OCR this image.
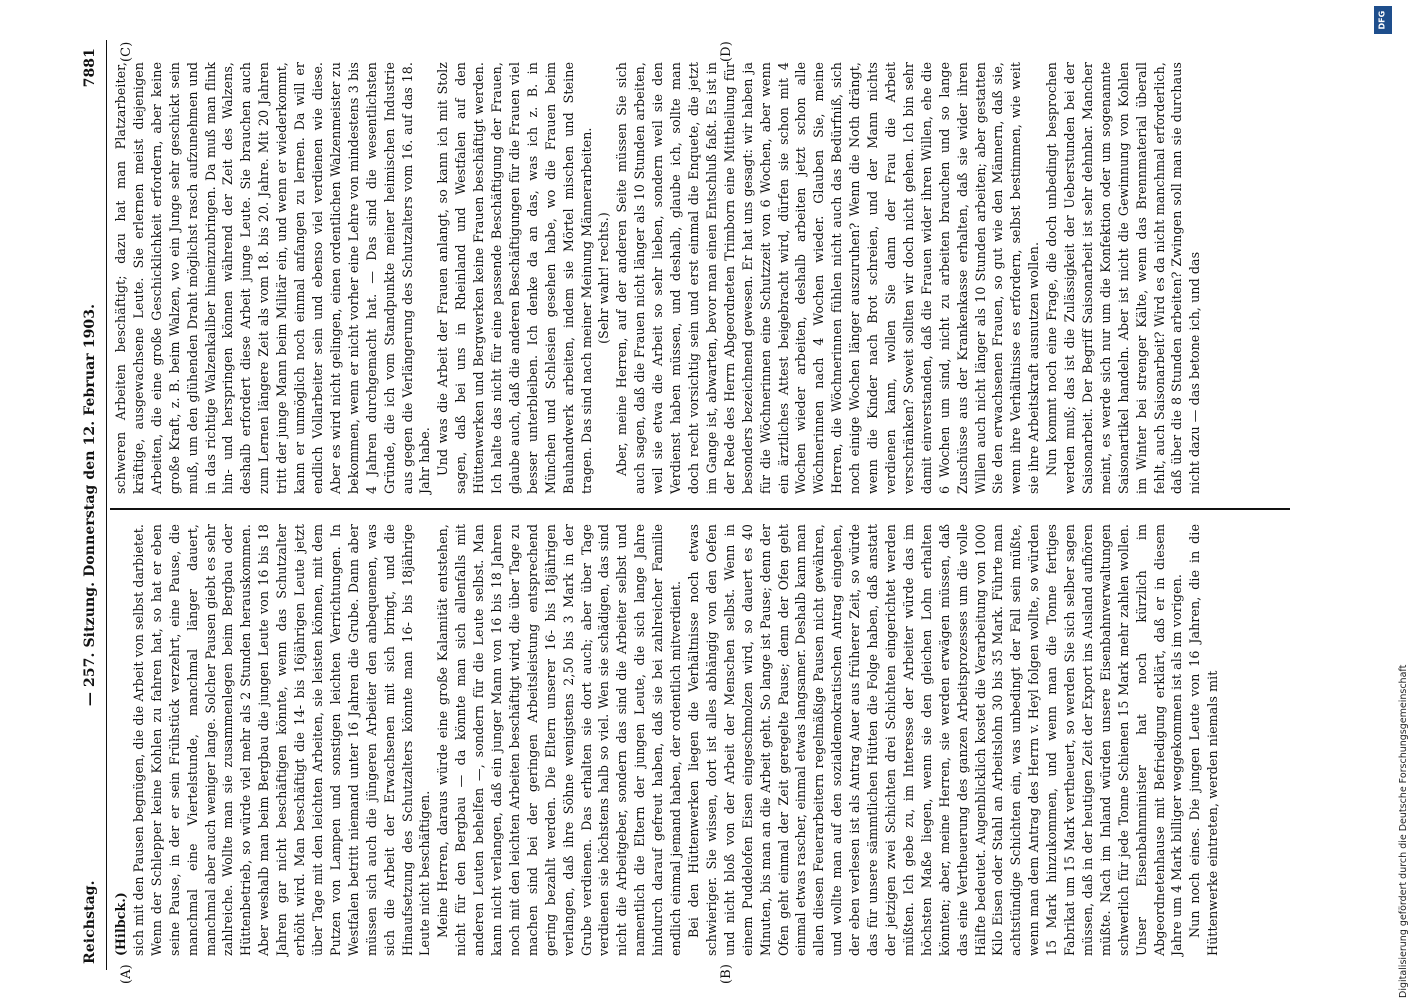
Reichstag.
— 257. Sitzung. Donnerstag den 12. Februar 1903.
7881

(Hilbck.) sich mit den Pausen begnügen, die die Arbeit von selbst darbietet. Wenn der Schlepper keine Kohlen zu fahren hat, so hat er eben seine Pause, in der er sein Frühstück verzehrt, eine Pause, die manchmal eine Viertelstunde, manchmal länger dauert, manchmal aber auch weniger lange. Solcher Pausen giebt es sehr zahlreiche. Wollte man sie zusammenlegen beim Bergbau oder Hüttenbetrieb, so würde viel mehr als 2 Stunden herauskommen. Aber weshalb man beim Bergbau die jungen Leute von 16 bis 18 Jahren gar nicht beschäftigen könnte, wenn das Schutzalter erhöht wird. Man beschäftigt die 14- bis 16jährigen Leute jetzt über Tage mit den leichten Arbeiten, sie leisten können, mit dem Putzen von Lampen und sonstigen leichten Verrichtungen. In Westfalen betritt niemand unter 16 Jahren die Grube. Dann aber müssen sich auch die jüngeren Arbeiter den anbequemen, was sich die Arbeit der Erwachsenen mit sich bringt, und die Hinaufsetzung des Schutzalters könnte man 16- bis 18jährige Leute nicht beschäftigen. Meine Herren, daraus würde eine große Kalamität entstehen, nicht für den Bergbau — da könnte man sich allenfalls mit anderen Leuten behelfen —, sondern für die Leute selbst. Man kann nicht verlangen, daß ein junger Mann von 16 bis 18 Jahren noch mit den leichten Arbeiten beschäftigt wird, die über Tage zu machen sind bei der geringen Arbeitsleistung entsprechend gering bezahlt werden. Die Eltern unserer 16- bis 18jährigen verlangen, daß ihre Söhne wenigstens 2,50 bis 3 Mark in der Grube verdienen. Das erhalten sie dort auch; aber über Tage verdienen sie höchstens halb so viel. Wen sie schädigen, das sind nicht die Arbeitgeber, sondern das sind die Arbeiter selbst und namentlich die Eltern der jungen Leute, die sich lange Jahre hindurch darauf gefreut haben, daß sie bei zahlreicher Familie endlich einmal jemand haben, der ordentlich mitverdient. Bei den Hüttenwerken liegen die Verhältnisse noch etwas schwieriger. Sie wissen, dort ist alles abhängig von den Oefen und nicht bloß von der Arbeit der Menschen selbst. Wenn in einem Puddelofen Eisen eingeschmolzen wird, so dauert es 40 Minuten, bis man an die Arbeit geht. So lange ist Pause; denn der Ofen geht einmal der Zeit geregelte Pause; denn der Ofen geht einmal etwas rascher, einmal etwas langsamer. Deshalb kann man allen diesen Feuerarbeitern regelmäßige Pausen nicht gewähren, und wollte man auf den sozialdemokratischen Antrag eingehen, der eben verlesen ist als Antrag Auer aus früherer Zeit, so würde das für unsere sämmtlichen Hütten die Folge haben, daß anstatt der jetzigen zwei Schichten drei Schichten eingerichtet werden müßten. Ich gebe zu, im Interesse der Arbeiter würde das im höchsten Maße liegen, wenn sie den gleichen Lohn erhalten könnten; aber, meine Herren, sie werden erwägen müssen, daß das eine Vertheuerung des ganzen Arbeitsprozesses um die volle Hälfte bedeutet. Augenblicklich kostet die Verarbeitung von 1000 Kilo Eisen oder Stahl an Arbeitslohn 30 bis 35 Mark. Führte man achtstündige Schichten ein, was unbedingt der Fall sein müßte, wenn man dem Antrag des Herrn v. Heyl folgen wollte, so würden 15 Mark hinzukommen, und wenn man die Tonne fertiges Fabrikat um 15 Mark vertheuert, so werden Sie sich selber sagen müssen, daß in der heutigen Zeit der Export ins Ausland aufhören müßte. Nach im Inland würden unsere Eisenbahnverwaltungen schwerlich für jede Tonne Schienen 15 Mark mehr zahlen wollen. Unser Eisenbahnminister hat noch kürzlich im Abgeordnetenhause mit Befriedigung erklärt, daß er in diesem Jahre um 4 Mark billiger weggekommen ist als im vorigen. Nun noch eines. Die jungen Leute von 16 Jahren, die in die Hüttenwerke eintreten, werden niemals mit

schweren Arbeiten beschäftigt; dazu hat man Platzarbeiter, kräftige, ausgewachsene Leute. Sie erlernen meist diejenigen Arbeiten, die eine große Geschicklichkeit erfordern, aber keine große Kraft, z. B. beim Walzen, wo ein Junge sehr geschickt sein muß, um den glühenden Draht möglichst rasch aufzunehmen und in das richtige Walzenkaliber hineinzubringen. Da muß man flink hin- und herspringen können während der Zeit des Walzens, deshalb erfordert diese Arbeit junge Leute. Sie brauchen auch zum Lernen längere Zeit als vom 18. bis 20. Jahre. Mit 20 Jahren tritt der junge Mann beim Militär ein, und wenn er wiederkommt, kann er unmöglich noch einmal anfangen zu lernen. Da will er endlich Vollarbeiter sein und ebenso viel verdienen wie diese. Aber es wird nicht gelingen, einen ordentlichen Walzenmeister zu bekommen, wenn er nicht vorher eine Lehre von mindestens 3 bis 4 Jahren durchgemacht hat. — Das sind die wesentlichsten Gründe, die ich vom Standpunkte meiner heimischen Industrie aus gegen die Verlängerung des Schutzalters vom 16. auf das 18. Jahr habe. Und was die Arbeit der Frauen anlangt, so kann ich mit Stolz sagen, daß bei uns in Rheinland und Westfalen auf den Hüttenwerken und Bergwerken keine Frauen beschäftigt werden. Ich halte das nicht für eine passende Beschäftigung der Frauen, glaube auch, daß die anderen Beschäftigungen für die Frauen viel besser unterbleiben. Ich denke da an das, was ich z. B. in München und Schlesien gesehen habe, wo die Frauen beim Bauhandwerk arbeiten, indem sie Mörtel mischen und Steine tragen. Das sind nach meiner Meinung Männerarbeiten. (Sehr wahr! rechts.) Aber, meine Herren, auf der anderen Seite müssen Sie sich auch sagen, daß die Frauen nicht länger als 10 Stunden arbeiten, weil sie etwa die Arbeit so sehr lieben, sondern weil sie den Verdienst haben müssen, und deshalb, glaube ich, sollte man doch recht vorsichtig sein und erst einmal die Enquete, die jetzt im Gange ist, abwarten, bevor man einen Entschluß faßt. Es ist in der Rede des Herrn Abgeordneten Trimborn eine Mittheilung für besonders bezeichnend gewesen. Er hat uns gesagt: wir haben ja für die Wöchnerinnen eine Schutzzeit von 6 Wochen, aber wenn ein ärztliches Attest beigebracht wird, dürfen sie schon mit 4 Wochen wieder arbeiten, deshalb arbeiten jetzt schon alle Wöchnerinnen nach 4 Wochen wieder. Glauben Sie, meine Herren, die Wöchnerinnen fühlen nicht auch das Bedürfniß, sich noch einige Wochen länger auszuruhen? Wenn die Noth drängt, wenn die Kinder nach Brot schreien, und der Mann nichts verdienen kann, wollen Sie dann der Frau die Arbeit verschränken? Soweit sollten wir doch nicht gehen. Ich bin sehr damit einverstanden, daß die Frauen wider ihren Willen, ehe die 6 Wochen um sind, nicht zu arbeiten brauchen und so lange Zuschüsse aus der Krankenkasse erhalten, daß sie wider ihren Willen auch nicht länger als 10 Stunden arbeiten; aber gestatten Sie den erwachsenen Frauen, so gut wie den Männern, daß sie, wenn ihre Verhältnisse es erfordern, selbst bestimmen, wie weit sie ihre Arbeitskraft ausnutzen wollen. Nun kommt noch eine Frage, die doch unbedingt besprochen werden muß; das ist die Zulässigkeit der Ueberstunden bei der Saisonarbeit. Der Begriff Saisonarbeit ist sehr dehnbar. Mancher meint, es werde sich nur um die Konfektion oder um sogenannte Saisonartikel handeln. Aber ist nicht die Gewinnung von Kohlen im Winter bei strenger Kälte, wenn das Brennmaterial überall fehlt, auch Saisonarbeit? Wird es da nicht manchmal erforderlich, daß über die 8 Stunden arbeiten? Zwingen soll man sie durchaus nicht dazu — das betone ich, und das

(A)	(B)
(C)	(D)
Digitalisierung gefördert durch die Deutsche Forschungsgemeinschaft
DFG
